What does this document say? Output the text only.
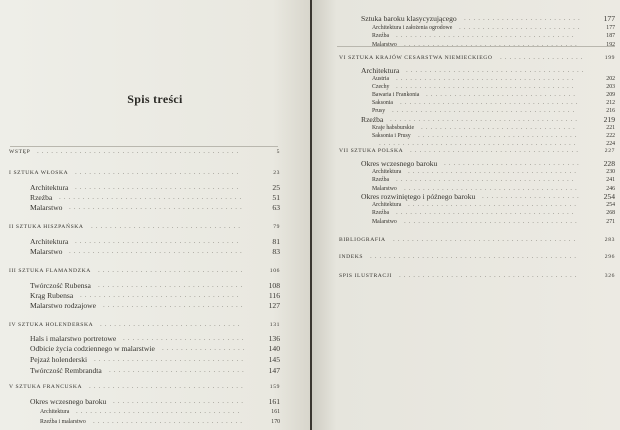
Spis treści
WSTĘP ...........................................	5
I SZTUKA WŁOSKA ...................................	23
Architektura ...................................	25
Rzeźba .......................................	51
Malarstwo .....................................	63
II SZTUKA HISZPAŃSKA	................................	79
Architektura ...................................	81
Malarstwo .....................................	83
III SZTUKA FLAMANDZKA	...............................	106
Twórczość Rubensa	...............................	108
Krąg Rubensa ..................................	116
Malarstwo rodzajowe ..............................	127
IV SZTUKA HOLENDERSKA ..............................	131
Hals i malarstwo portretowe ..........................	136
Odbicie życia codziennego w malarstwie	..................	140
Pejzaż holenderski ................................	145
Twórczość Rembrandta	.............................	147
V SZTUKA FRANCUSKA .................................	159
Okres wczesnego baroku ............................	161
Architektura ...................................	161
Rzeźba i malarstwo	................................	170
Sztuka baroku klasycyzującego	.........................	177
Architektura i założenia ogrodowe ..........................	177
Rzeźba ......................................	187
Malarstwo	.....................................	192
VI SZTUKA KRAJÓW CESARSTWA NIEMIECKIEGO	..................	199
Architektura ......................................
Austria ......................................	202
Czechy ......................................	203
Bawaria i Frankonia ................................	209
Saksonia	......................................	212
Prusy .......................................	216
Rzeźba ........................................	219
Kraje habsburskie .................................	221
Saksonia i Prusy	..................................	222
..........................................	224
VII SZTUKA POLSKA ....................................	227
Okres wczesnego baroku .............................	228
Architektura ....................................	230
Rzeźba ......................................	241
Malarstwo	.....................................	246
Okres rozwiniętego i późnego baroku .....................	254
Architektura ....................................	254
Rzeźba ......................................	268
Malarstwo	.....................................	271
BIBLIOGRAFIA	.......................................	283
INDEKS ............................................	296
SPIS ILUSTRACJI	......................................	326
